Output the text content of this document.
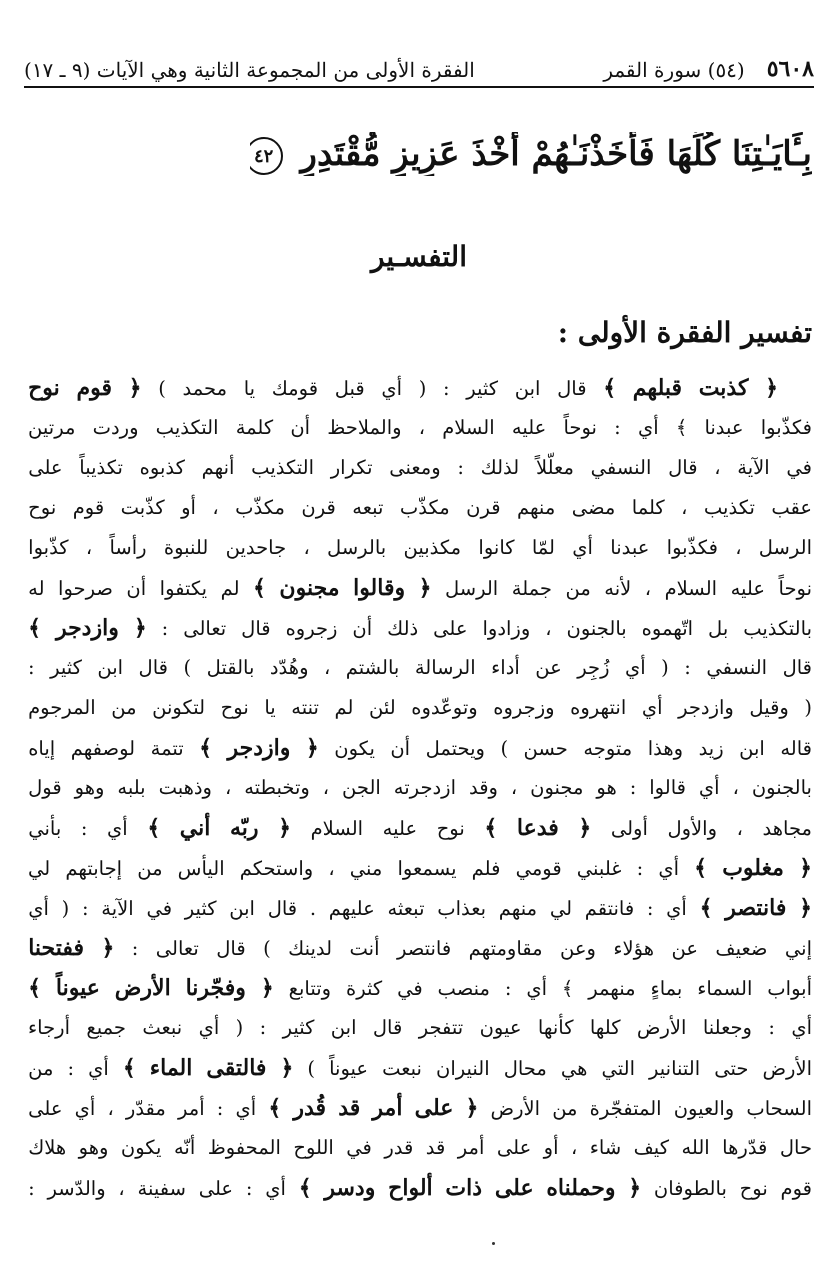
٥٦٠٨
(٥٤) سورة القمر
الفقرة الأولى من المجموعة الثانية وهي الآيات (٩ ـ ١٧)
بِـَٔايَـٰتِنَا كُلِّهَا فَأَخَذْنَـٰهُمْ أَخْذَ عَزِيزٍ مُّقْتَدِرٍ ٤٢
التفسـير
تفسير الفقرة الأولى :
﴿
كذبت
قبلهم
﴾
قال
ابن
كثير
:
(
أي
قبل
قومك
يا
محمد
)
﴿
قوم
نوح
فكذّبوا
عبدنا
﴾
أي
:
نوحاً
عليه
السلام
،
والملاحظ
أن
كلمة
التكذيب
وردت
مرتين
في
الآية
،
قال
النسفي
معلّلاً
لذلك
:
ومعنى
تكرار
التكذيب
أنهم
كذبوه
تكذيباً
على
عقب
تكذيب
،
كلما
مضى
منهم
قرن
مكذّب
تبعه
قرن
مكذّب
،
أو
كذّبت
قوم
نوح
الرسل
،
فكذّبوا
عبدنا
أي
لمّا
كانوا
مكذبين
بالرسل
،
جاحدين
للنبوة
رأساً
،
كذّبوا
نوحاً
عليه
السلام
،
لأنه
من
جملة
الرسل
﴿
وقالوا
مجنون
﴾
لم
يكتفوا
أن
صرحوا
له
بالتكذيب
بل
اتّهموه
بالجنون
،
وزادوا
على
ذلك
أن
زجروه
قال
تعالى
:
﴿
وازدجر
﴾
قال
النسفي
:
(
أي
زُجِر
عن
أداء
الرسالة
بالشتم
،
وهُدّد
بالقتل
)
قال
ابن
كثير
:
(
وقيل
وازدجر
أي
انتهروه
وزجروه
وتوعّدوه
لئن
لم
تنته
يا
نوح
لتكونن
من
المرجوم
قاله
ابن
زيد
وهذا
متوجه
حسن
)
ويحتمل
أن
يكون
﴿
وازدجر
﴾
تتمة
لوصفهم
إياه
بالجنون
،
أي
قالوا
:
هو
مجنون
،
وقد
ازدجرته
الجن
،
وتخبطته
،
وذهبت
بلبه
وهو
قول
مجاهد
،
والأول
أولى
﴿
فدعا
﴾
نوح
عليه
السلام
﴿
ربّه
أني
﴾
أي
:
بأني
﴿
مغلوب
﴾
أي
:
غلبني
قومي
فلم
يسمعوا
مني
،
واستحكم
اليأس
من
إجابتهم
لي
﴿
فانتصر
﴾
أي
:
فانتقم
لي
منهم
بعذاب
تبعثه
عليهم
.
قال
ابن
كثير
في
الآية
:
(
أي
إني
ضعيف
عن
هؤلاء
وعن
مقاومتهم
فانتصر
أنت
لدينك
)
قال
تعالى
:
﴿
ففتحنا
أبواب
السماء
بماءٍ
منهمر
﴾
أي
:
منصب
في
كثرة
وتتابع
﴿
وفجّرنا
الأرض
عيوناً
﴾
أي
:
وجعلنا
الأرض
كلها
كأنها
عيون
تتفجر
قال
ابن
كثير
:
(
أي
نبعث
جميع
أرجاء
الأرض
حتى
التنانير
التي
هي
محال
النيران
نبعت
عيوناً
)
﴿
فالتقى
الماء
﴾
أي
:
من
السحاب
والعيون
المتفجّرة
من
الأرض
﴿
على
أمر
قد
قُدر
﴾
أي
:
أمر
مقدّر
،
أي
على
حال
قدّرها
الله
كيف
شاء
،
أو
على
أمر
قد
قدر
في
اللوح
المحفوظ
أنّه
يكون
وهو
هلاك
قوم
نوح
بالطوفان
﴿
وحملناه
على
ذات
ألواح
ودسر
﴾
أي
:
على
سفينة
،
والدّسر
:
